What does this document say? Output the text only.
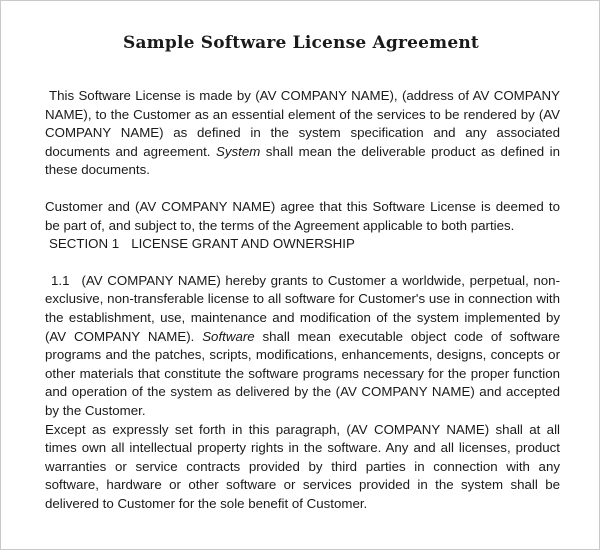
Sample Software License Agreement

This Software License is made by (AV COMPANY NAME), (address of AV COMPANY NAME), to the Customer as an essential element of the services to be rendered by (AV COMPANY NAME) as defined in the system specification and any associated documents and agreement. System shall mean the deliverable product as defined in these documents.

Customer and (AV COMPANY NAME) agree that this Software License is deemed to be part of, and subject to, the terms of the Agreement applicable to both parties.

SECTION 1 LICENSE GRANT AND OWNERSHIP

1.1 (AV COMPANY NAME) hereby grants to Customer a worldwide, perpetual, non-exclusive, non-transferable license to all software for Customer's use in connection with the establishment, use, maintenance and modification of the system implemented by (AV COMPANY NAME). Software shall mean executable object code of software programs and the patches, scripts, modifications, enhancements, designs, concepts or other materials that constitute the software programs necessary for the proper function and operation of the system as delivered by the (AV COMPANY NAME) and accepted by the Customer.

Except as expressly set forth in this paragraph, (AV COMPANY NAME) shall at all times own all intellectual property rights in the software. Any and all licenses, product warranties or service contracts provided by third parties in connection with any software, hardware or other software or services provided in the system shall be delivered to Customer for the sole benefit of Customer.
